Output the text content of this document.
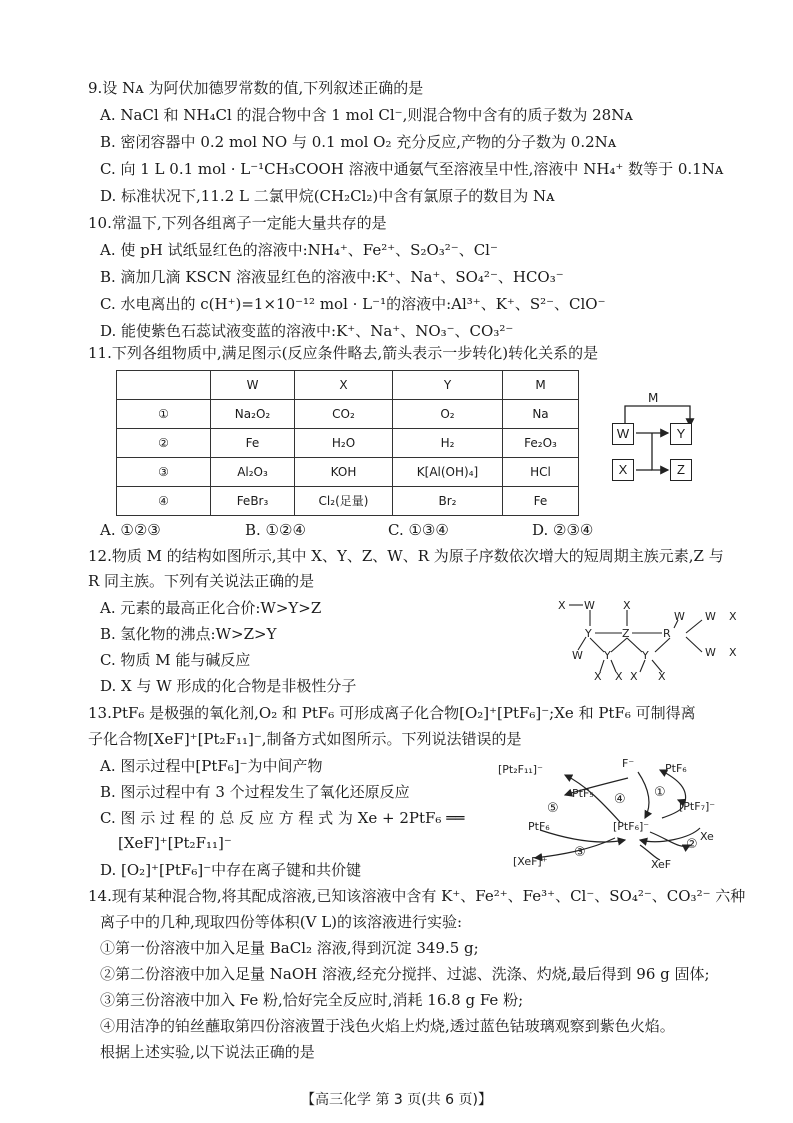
9.设 Nᴀ 为阿伏加德罗常数的值,下列叙述正确的是
A. NaCl 和 NH₄Cl 的混合物中含 1 mol Cl⁻,则混合物中含有的质子数为 28Nᴀ
B. 密闭容器中 0.2 mol NO 与 0.1 mol O₂ 充分反应,产物的分子数为 0.2Nᴀ
C. 向 1 L 0.1 mol · L⁻¹CH₃COOH 溶液中通氨气至溶液呈中性,溶液中 NH₄⁺ 数等于 0.1Nᴀ
D. 标准状况下,11.2 L 二氯甲烷(CH₂Cl₂)中含有氯原子的数目为 Nᴀ
10.常温下,下列各组离子一定能大量共存的是
A. 使 pH 试纸显红色的溶液中:NH₄⁺、Fe²⁺、S₂O₃²⁻、Cl⁻
B. 滴加几滴 KSCN 溶液显红色的溶液中:K⁺、Na⁺、SO₄²⁻、HCO₃⁻
C. 水电离出的 c(H⁺)=1×10⁻¹² mol · L⁻¹的溶液中:Al³⁺、K⁺、S²⁻、ClO⁻
D. 能使紫色石蕊试液变蓝的溶液中:K⁺、Na⁺、NO₃⁻、CO₃²⁻
11.下列各组物质中,满足图示(反应条件略去,箭头表示一步转化)转化关系的是
	W	X	Y	M
①	Na₂O₂	CO₂	O₂	Na
②	Fe	H₂O	H₂	Fe₂O₃
③	Al₂O₃	KOH	K[Al(OH)₄]	HCl
④	FeBr₃	Cl₂(足量)	Br₂	Fe
M
W	Y
X	Z
A. ①②③	B. ①②④	C. ①③④	D. ②③④
12.物质 M 的结构如图所示,其中 X、Y、Z、W、R 为原子序数依次增大的短周期主族元素,Z 与
R 同主族。下列有关说法正确的是
A. 元素的最高正化合价:W>Y>Z
B. 氢化物的沸点:W>Z>Y
C. 物质 M 能与碱反应
D. X 与 W 形成的化合物是非极性分子
X W	X
W W X
Y	Z	R
W Y	Y	W X
X X X X
13.PtF₆ 是极强的氧化剂,O₂ 和 PtF₆ 可形成离子化合物[O₂]⁺[PtF₆]⁻;Xe 和 PtF₆ 可制得离
子化合物[XeF]⁺[Pt₂F₁₁]⁻,制备方式如图所示。下列说法错误的是
A. 图示过程中[PtF₆]⁻为中间产物
B. 图示过程中有 3 个过程发生了氧化还原反应
C. 图 示 过 程 的 总 反 应 方 程 式 为 Xe + 2PtF₆ ══
[XeF]⁺[Pt₂F₁₁]⁻
D. [O₂]⁺[PtF₆]⁻中存在离子键和共价键
[Pt₂F₁₁]⁻	F⁻	PtF₆
PtF₅
[PtF₇]⁻
[PtF₆]⁻
PtF₆
Xe
[XeF]⁺	XeF
⑤
④ ①
②
③
14.现有某种混合物,将其配成溶液,已知该溶液中含有 K⁺、Fe²⁺、Fe³⁺、Cl⁻、SO₄²⁻、CO₃²⁻ 六种
离子中的几种,现取四份等体积(V L)的该溶液进行实验:
①第一份溶液中加入足量 BaCl₂ 溶液,得到沉淀 349.5 g;
②第二份溶液中加入足量 NaOH 溶液,经充分搅拌、过滤、洗涤、灼烧,最后得到 96 g 固体;
③第三份溶液中加入 Fe 粉,恰好完全反应时,消耗 16.8 g Fe 粉;
④用洁净的铂丝蘸取第四份溶液置于浅色火焰上灼烧,透过蓝色钴玻璃观察到紫色火焰。
根据上述实验,以下说法正确的是
【高三化学 第 3 页(共 6 页)】
